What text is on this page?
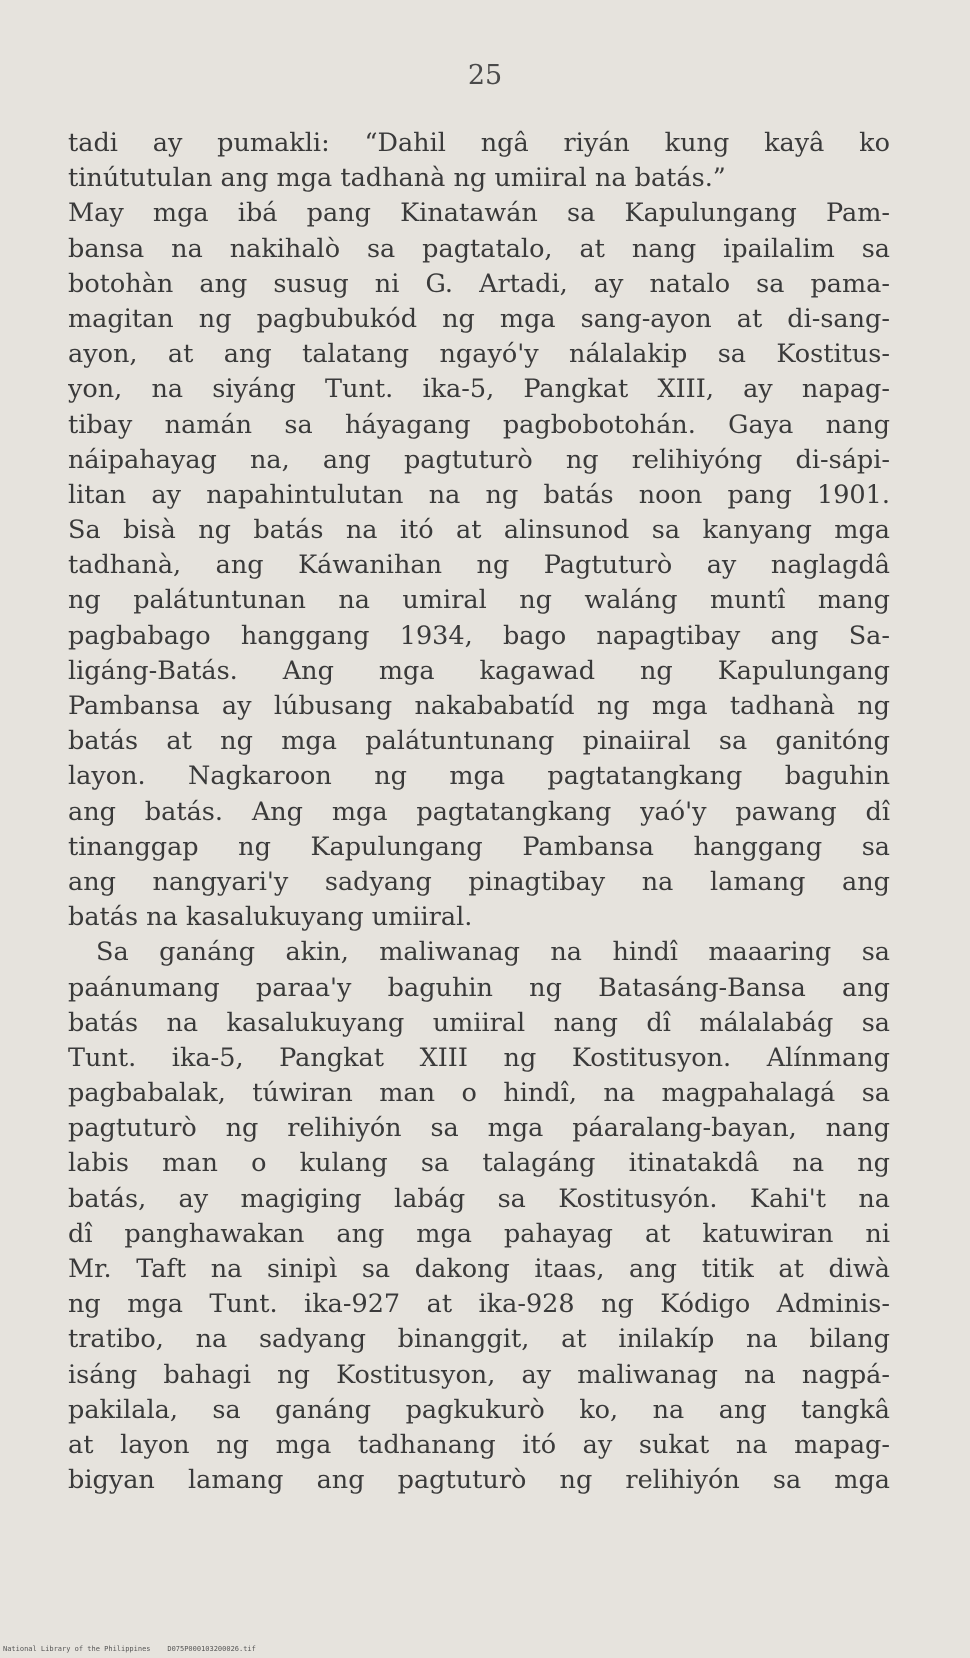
25
tadi ay pumakli: “Dahil ngâ riyán kung kayâ ko
tinútutulan ang mga tadhanà ng umiiral na batás.”
May mga ibá pang Kinatawán sa Kapulungang Pam-
bansa na nakihalò sa pagtatalo, at nang ipailalim sa
botohàn ang susug ni G. Artadi, ay natalo sa pama-
magitan ng pagbubukód ng mga sang-ayon at di-sang-
ayon, at ang talatang ngayó'y nálalakip sa Kostitus-
yon, na siyáng Tunt. ika-5, Pangkat XIII, ay napag-
tibay namán sa háyagang pagbobotohán. Gaya nang
náipahayag na, ang pagtuturò ng relihiyóng di-sápi-
litan ay napahintulutan na ng batás noon pang 1901.
Sa bisà ng batás na itó at alinsunod sa kanyang mga
tadhanà, ang Káwanihan ng Pagtuturò ay naglagdâ
ng palátuntunan na umiral ng waláng muntî mang
pagbabago hanggang 1934, bago napagtibay ang Sa-
ligáng-Batás. Ang mga kagawad ng Kapulungang
Pambansa ay lúbusang nakababatíd ng mga tadhanà ng
batás at ng mga palátuntunang pinaiiral sa ganitóng
layon. Nagkaroon ng mga pagtatangkang baguhin
ang batás. Ang mga pagtatangkang yaó'y pawang dî
tinanggap ng Kapulungang Pambansa hanggang sa
ang nangyari'y sadyang pinagtibay na lamang ang
batás na kasalukuyang umiiral.
Sa ganáng akin, maliwanag na hindî maaaring sa
paánumang paraa'y baguhin ng Batasáng-Bansa ang
batás na kasalukuyang umiiral nang dî málalabág sa
Tunt. ika-5, Pangkat XIII ng Kostitusyon. Alínmang
pagbabalak, túwiran man o hindî, na magpahalagá sa
pagtuturò ng relihiyón sa mga páaralang-bayan, nang
labis man o kulang sa talagáng itinatakdâ na ng
batás, ay magiging labág sa Kostitusyón. Kahi't na
dî panghawakan ang mga pahayag at katuwiran ni
Mr. Taft na sinipì sa dakong itaas, ang titik at diwà
ng mga Tunt. ika-927 at ika-928 ng Kódigo Adminis-
tratibo, na sadyang binanggit, at inilakíp na bilang
isáng bahagi ng Kostitusyon, ay maliwanag na nagpá-
pakilala, sa ganáng pagkukurò ko, na ang tangkâ
at layon ng mga tadhanang itó ay sukat na mapag-
bigyan lamang ang pagtuturò ng relihiyón sa mga
National Library of the Philippines    D075P000103200026.tif
